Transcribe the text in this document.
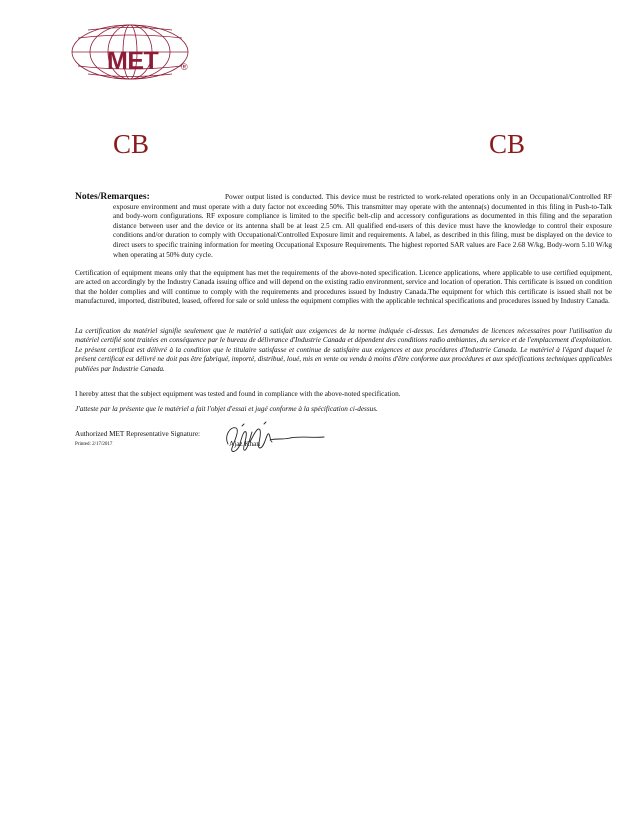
MET	®
CB	CB
Notes/Remarques:	Power output listed is conducted. This device must be restricted to work-related operations only in an Occupational/Controlled RF exposure environment and must operate with a duty factor not exceeding 50%. This transmitter may operate with the antenna(s) documented in this filing in Push-to-Talk and body-worn configurations. RF exposure compliance is limited to the specific belt-clip and accessory configurations as documented in this filing and the separation distance between user and the device or its antenna shall be at least 2.5 cm. All qualified end-users of this device must have the knowledge to control their exposure conditions and/or duration to comply with Occupational/Controlled Exposure limit and requirements. A label, as described in this filing, must be displayed on the device to direct users to specific training information for meeting Occupational Exposure Requirements. The highest reported SAR values are Face 2.68 W/kg, Body-worn 5.10 W/kg when operating at 50% duty cycle.

Certification of equipment means only that the equipment has met the requirements of the above-noted specification. Licence applications, where applicable to use certified equipment, are acted on accordingly by the Industry Canada issuing office and will depend on the existing radio environment, service and location of operation. This certificate is issued on condition that the holder complies and will continue to comply with the requirements and procedures issued by Industry Canada.The equipment for which this certificate is issued shall not be manufactured, imported, distributed, leased, offered for sale or sold unless the equipment complies with the applicable technical specifications and procedures issued by Industry Canada.

La certification du matériel signifie seulement que le matériel a satisfait aux exigences de la norme indiquée ci-dessus. Les demandes de licences nécessaires pour l'utilisation du matériel certifié sont traitées en conséquence par le bureau de délivrance d'Industrie Canada et dépendent des conditions radio ambiantes, du service et de l'emplacement d'exploitation. Le présent certificat est délivré à la condition que le titulaire satisfasse et continue de satisfaire aux exigences et aux procédures d'Industrie Canada. Le matériel à l'égard duquel le présent certificat est délivré ne doit pas être fabriqué, importé, distribué, loué, mis en vente ou vendu à moins d'être conforme aux procédures et aux spécifications techniques applicables publiées par Industrie Canada.

I hereby attest that the subject equipment was tested and found in compliance with the above-noted specification.

J'atteste par la présente que le matériel a fait l'objet d'essai et jugé conforme à la spécification ci-dessus.

Authorized MET Representative Signature:
Printed: 2/17/2017	Ajaz Khan
